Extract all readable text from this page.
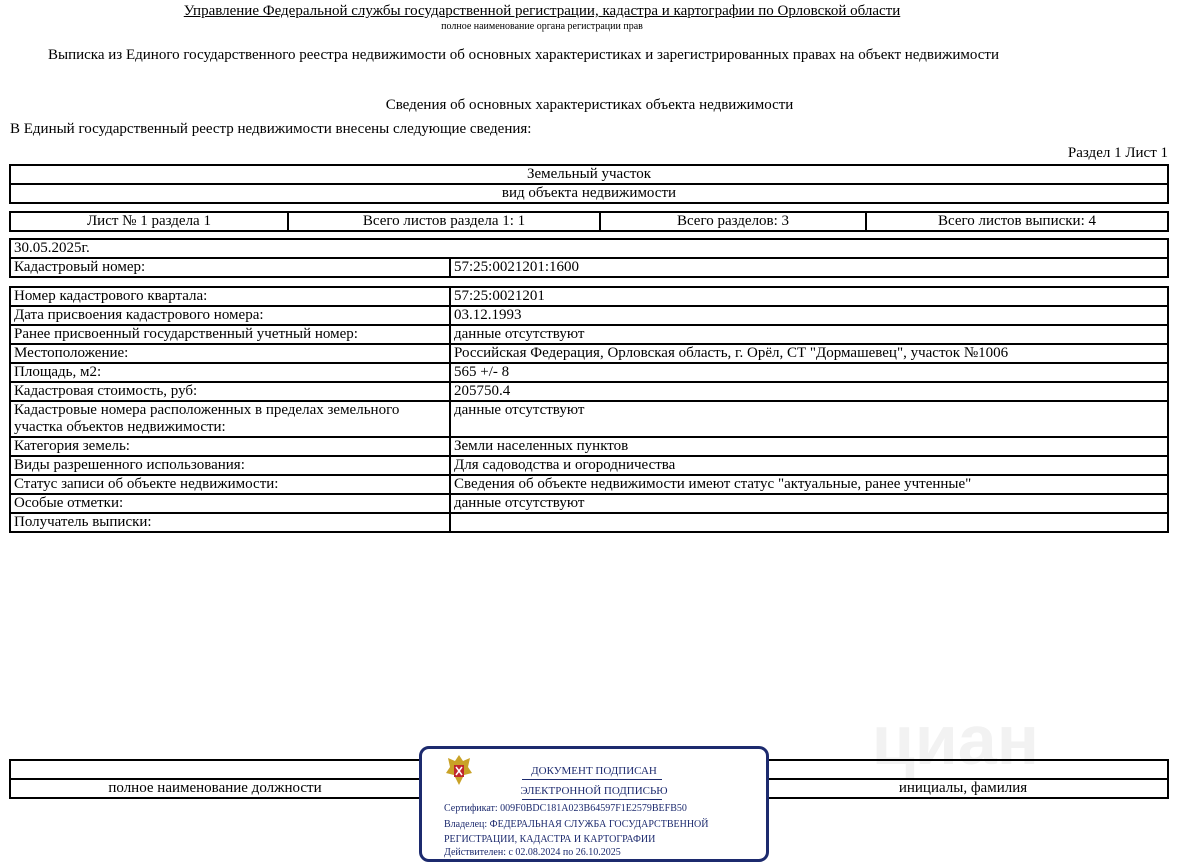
циан
Управление Федеральной службы государственной регистрации, кадастра и картографии по Орловской области
полное наименование органа регистрации прав
Выписка из Единого государственного реестра недвижимости об основных характеристиках и зарегистрированных правах на объект недвижимости
Сведения об основных характеристиках объекта недвижимости
В Единый государственный реестр недвижимости внесены следующие сведения:
Раздел 1 Лист 1
Земельный участок
вид объекта недвижимости
Лист № 1 раздела 1	Всего листов раздела 1: 1	Всего разделов: 3	Всего листов выписки: 4
30.05.2025г.
Кадастровый номер:	57:25:0021201:1600
Номер кадастрового квартала:	57:25:0021201
Дата присвоения кадастрового номера:	03.12.1993
Ранее присвоенный государственный учетный номер:	данные отсутствуют
Местоположение:	Российская Федерация, Орловская область, г. Орёл, СТ "Дормашевец", участок №1006
Площадь, м2:	565 +/- 8
Кадастровая стоимость, руб:	205750.4
Кадастровые номера расположенных в пределах земельного участка объектов недвижимости:	данные отсутствуют
Категория земель:	Земли населенных пунктов
Виды разрешенного использования:	Для садоводства и огородничества
Статус записи об объекте недвижимости:	Сведения об объекте недвижимости имеют статус "актуальные, ранее учтенные"
Особые отметки:	данные отсутствуют
Получатель выписки:	

полное наименование должности		инициалы, фамилия
ДОКУМЕНТ ПОДПИСАН
ЭЛЕКТРОННОЙ ПОДПИСЬЮ
Сертификат: 009F0BDC181A023B64597F1E2579BEFB50
Владелец: ФЕДЕРАЛЬНАЯ СЛУЖБА ГОСУДАРСТВЕННОЙ
РЕГИСТРАЦИИ, КАДАСТРА И КАРТОГРАФИИ
Действителен: с 02.08.2024 по 26.10.2025
